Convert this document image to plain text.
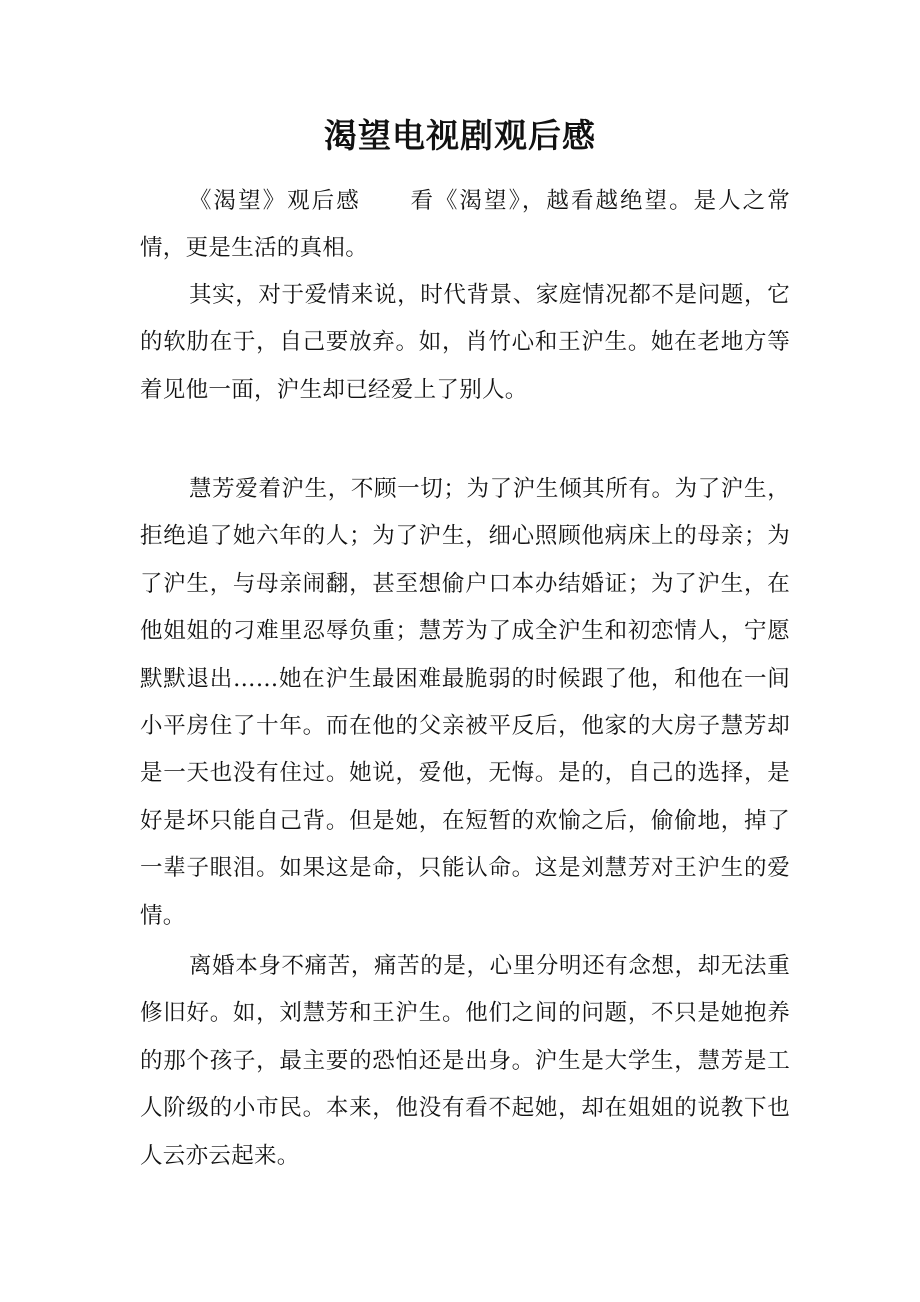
渴望电视剧观后感

《渴望》观后感 看《渴望》，越看越绝望。是人之常情，更是生活的真相。

其实，对于爱情来说，时代背景、家庭情况都不是问题，它的软肋在于，自己要放弃。如，肖竹心和王沪生。她在老地方等着见他一面，沪生却已经爱上了别人。

慧芳爱着沪生，不顾一切；为了沪生倾其所有。为了沪生，拒绝追了她六年的人；为了沪生，细心照顾他病床上的母亲；为了沪生，与母亲闹翻，甚至想偷户口本办结婚证；为了沪生，在他姐姐的刁难里忍辱负重；慧芳为了成全沪生和初恋情人，宁愿默默退出……她在沪生最困难最脆弱的时候跟了他，和他在一间小平房住了十年。而在他的父亲被平反后，他家的大房子慧芳却是一天也没有住过。她说，爱他，无悔。是的，自己的选择，是好是坏只能自己背。但是她，在短暂的欢愉之后，偷偷地，掉了一辈子眼泪。如果这是命，只能认命。这是刘慧芳对王沪生的爱情。

离婚本身不痛苦，痛苦的是，心里分明还有念想，却无法重修旧好。如，刘慧芳和王沪生。他们之间的问题，不只是她抱养的那个孩子，最主要的恐怕还是出身。沪生是大学生，慧芳是工人阶级的小市民。本来，他没有看不起她，却在姐姐的说教下也人云亦云起来。
